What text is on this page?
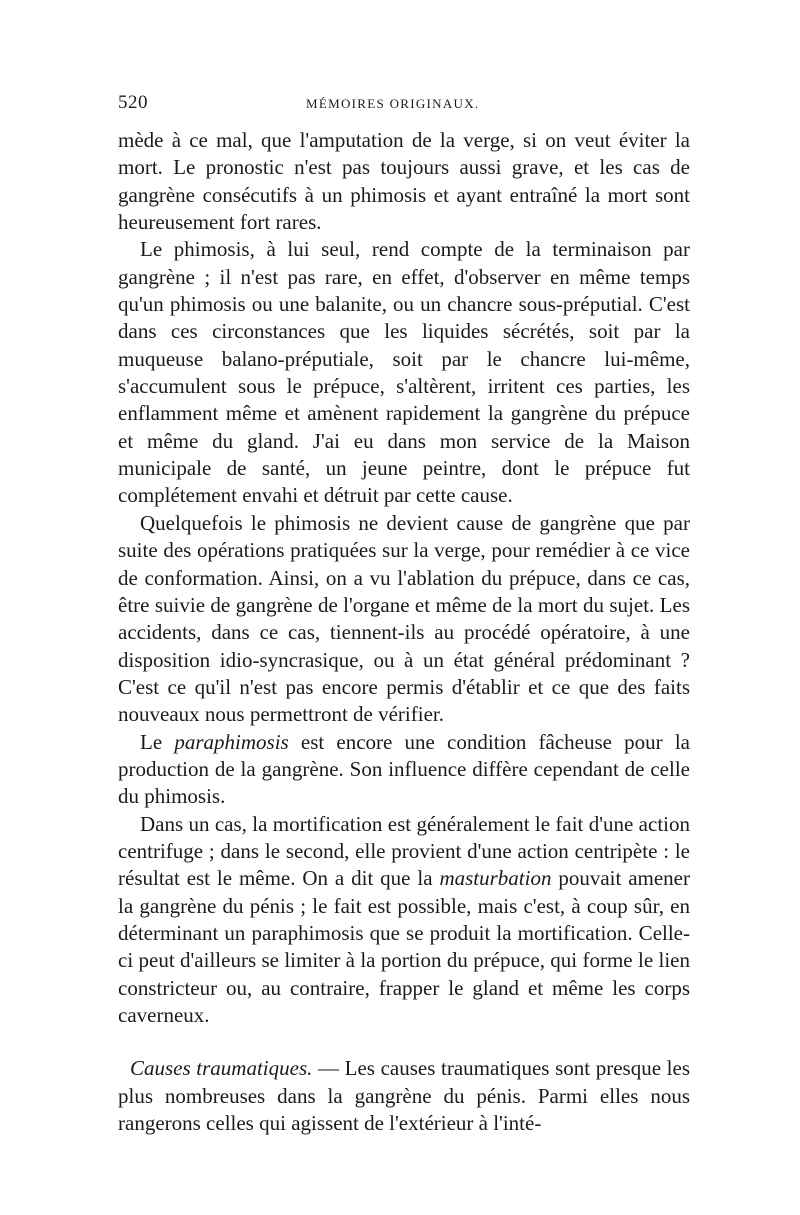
520	MÉMOIRES ORIGINAUX.

mède à ce mal, que l'amputation de la verge, si on veut éviter la mort. Le pronostic n'est pas toujours aussi grave, et les cas de gangrène consécutifs à un phimosis et ayant entraîné la mort sont heureusement fort rares.

Le phimosis, à lui seul, rend compte de la terminaison par gangrène ; il n'est pas rare, en effet, d'observer en même temps qu'un phimosis ou une balanite, ou un chancre sous-préputial. C'est dans ces circonstances que les liquides sécrétés, soit par la muqueuse balano-préputiale, soit par le chancre lui-même, s'accumulent sous le prépuce, s'altèrent, irritent ces parties, les enflamment même et amènent rapidement la gangrène du prépuce et même du gland. J'ai eu dans mon service de la Maison municipale de santé, un jeune peintre, dont le prépuce fut complétement envahi et détruit par cette cause.

Quelquefois le phimosis ne devient cause de gangrène que par suite des opérations pratiquées sur la verge, pour remédier à ce vice de conformation. Ainsi, on a vu l'ablation du prépuce, dans ce cas, être suivie de gangrène de l'organe et même de la mort du sujet. Les accidents, dans ce cas, tiennent-ils au procédé opératoire, à une disposition idio-syncrasique, ou à un état général prédominant ? C'est ce qu'il n'est pas encore permis d'établir et ce que des faits nouveaux nous permettront de vérifier.

Le paraphimosis est encore une condition fâcheuse pour la production de la gangrène. Son influence diffère cependant de celle du phimosis.

Dans un cas, la mortification est généralement le fait d'une action centrifuge ; dans le second, elle provient d'une action centripète : le résultat est le même. On a dit que la masturbation pouvait amener la gangrène du pénis ; le fait est possible, mais c'est, à coup sûr, en déterminant un paraphimosis que se produit la mortification. Celle-ci peut d'ailleurs se limiter à la portion du prépuce, qui forme le lien constricteur ou, au contraire, frapper le gland et même les corps caverneux.

Causes traumatiques. — Les causes traumatiques sont presque les plus nombreuses dans la gangrène du pénis. Parmi elles nous rangerons celles qui agissent de l'extérieur à l'inté-
